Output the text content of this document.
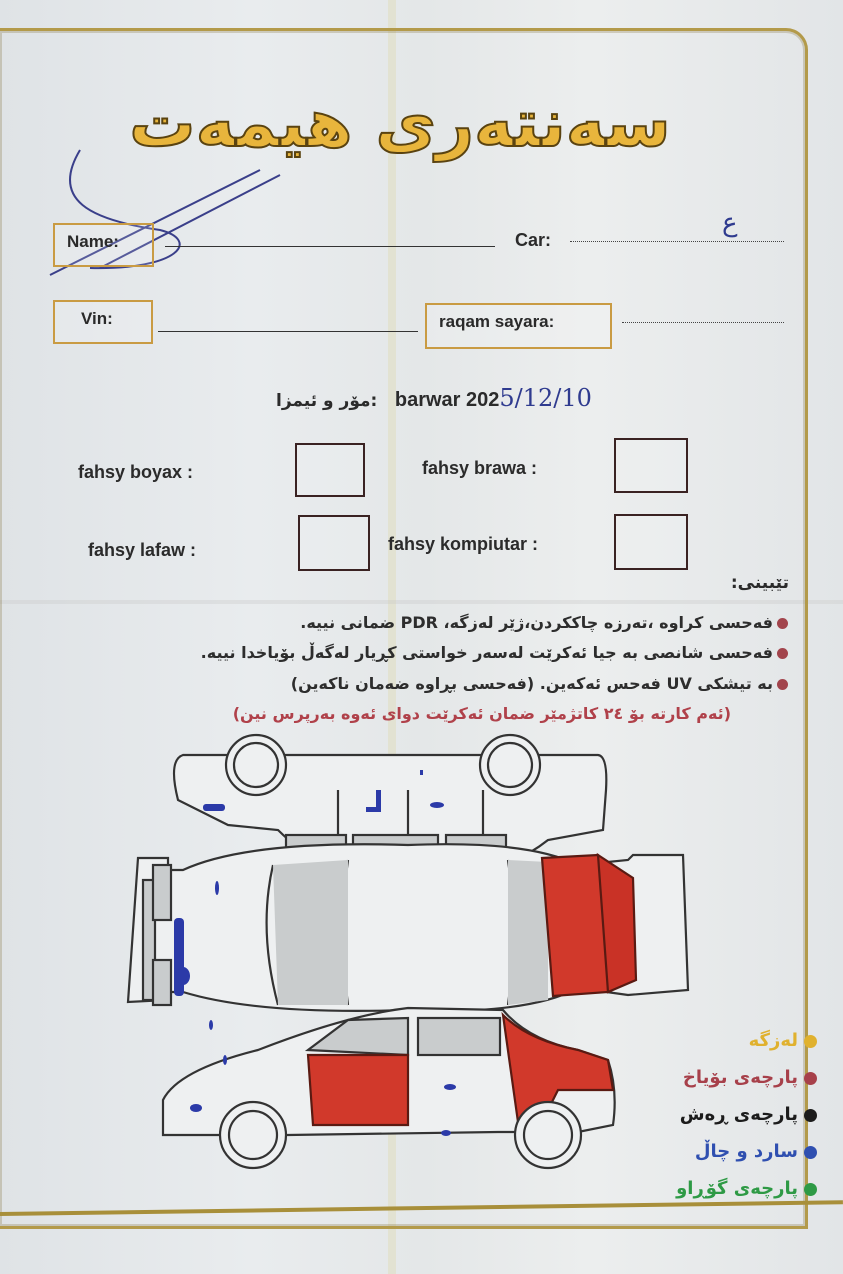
سەنتەری هیمەت
Name:	Car:
ع
Vin:	raqam sayara:
مۆر و ئیمزا: barwar 2025/12/10
fahsy boyax :	fahsy brawa :
fahsy lafaw :	fahsy kompiutar :
تێبینی:
فەحسی کراوە ،تەرزە چاککردن،ژێر لەزگە، PDR ضمانی نییە.
فەحسی شانصی بە جیا ئەکرێت لەسەر خواستی کڕیار لەگەڵ بۆیاخدا نییە.
بە تیشکی UV فەحس ئەکەین. (فەحسی بڕاوە ضەمان ناکەین)
(ئەم کارتە بۆ ٢٤ کاتژمێر ضمان ئەکرێت دوای ئەوە بەرپرس نین)
لەزگە
پارچەی بۆیاخ
پارچەی ڕەش
سارد و چاڵ
پارچەی گۆڕاو
